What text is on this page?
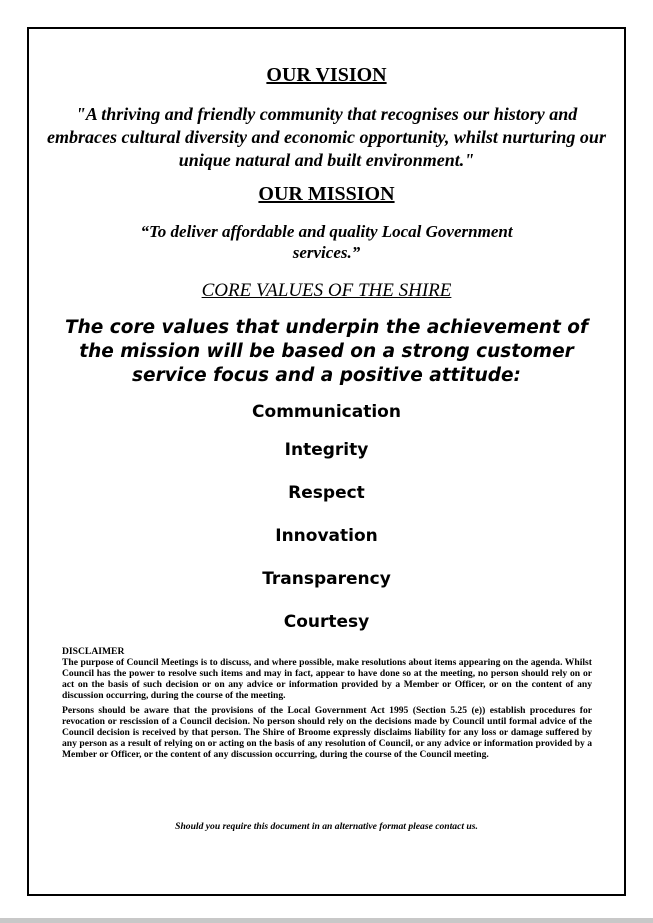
OUR VISION
"A thriving and friendly community that recognises our history and embraces cultural diversity and economic opportunity, whilst nurturing our unique natural and built environment."
OUR MISSION
“To deliver affordable and quality Local Government services.”
CORE VALUES OF THE SHIRE
The core values that underpin the achievement of the mission will be based on a strong customer service focus and a positive attitude:
Communication
Integrity
Respect
Innovation
Transparency
Courtesy
DISCLAIMER

The purpose of Council Meetings is to discuss, and where possible, make resolutions about items appearing on the agenda. Whilst Council has the power to resolve such items and may in fact, appear to have done so at the meeting, no person should rely on or act on the basis of such decision or on any advice or information provided by a Member or Officer, or on the content of any discussion occurring, during the course of the meeting.

Persons should be aware that the provisions of the Local Government Act 1995 (Section 5.25 (e)) establish procedures for revocation or rescission of a Council decision. No person should rely on the decisions made by Council until formal advice of the Council decision is received by that person. The Shire of Broome expressly disclaims liability for any loss or damage suffered by any person as a result of relying on or acting on the basis of any resolution of Council, or any advice or information provided by a Member or Officer, or the content of any discussion occurring, during the course of the Council meeting.

Should you require this document in an alternative format please contact us.
